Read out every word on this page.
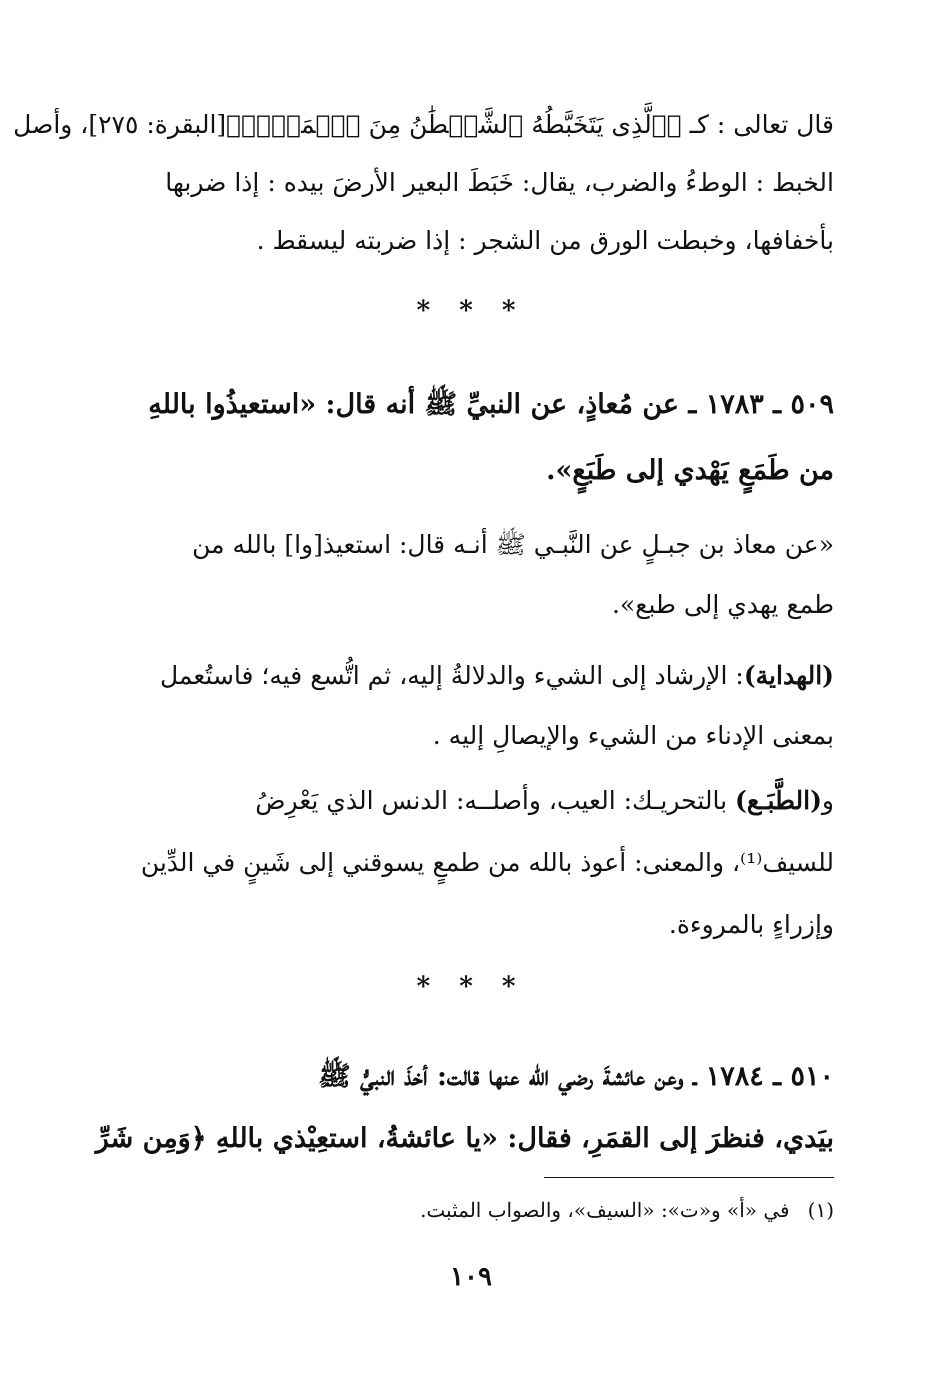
قال تعالى : كـ ﴿ٱلَّذِى يَتَخَبَّطُهُ ٱلشَّيۡطَٰنُ مِنَ ٱلۡمَسِّۚ﴾[البقرة: ٢٧٥]، وأصل
الخبط : الوطءُ والضرب، يقال: خَبَطَ البعير الأرضَ بيده : إذا ضربها
بأخفافها، وخبطت الورق من الشجر : إذا ضربته ليسقط .
* * *
٥٠٩ ـ ١٧٨٣ ـ عن مُعاذٍ، عن النبيِّ ﷺ أنه قال: «استعيذُوا باللهِ
من طَمَعٍ يَهْدي إلى طَبَعٍ».
«عن معاذ بن جبـلٍ عن النَّبـي ﷺ أنـه قال: استعيذ[وا] بالله من
طمع يهدي إلى طبع».
(الهداية): الإرشاد إلى الشيء والدلالةُ إليه، ثم اتُّسع فيه؛ فاستُعمل
بمعنى الإدناء من الشيء والإيصالِ إليه .
و(الطَّبَـع) بالتحريـك: العيب، وأصلــه: الدنس الذي يَعْرِضُ
للسيف⁽¹⁾، والمعنى: أعوذ بالله من طمعٍ يسوقني إلى شَينٍ في الدِّين
وإزراءٍ بالمروءة.
* * *
٥١٠ ـ ١٧٨٤ ـ وعن عائشةَ رضي الله عنها قالت: أخذَ النبيُّ ﷺ
بيَدي، فنظرَ إلى القمَرِ، فقال: «يا عائشةُ، استعِيْذي باللهِ ﴿وَمِن شَرِّ
(١)في «أ» و«ت»: «السيف»، والصواب المثبت.
١٠٩
